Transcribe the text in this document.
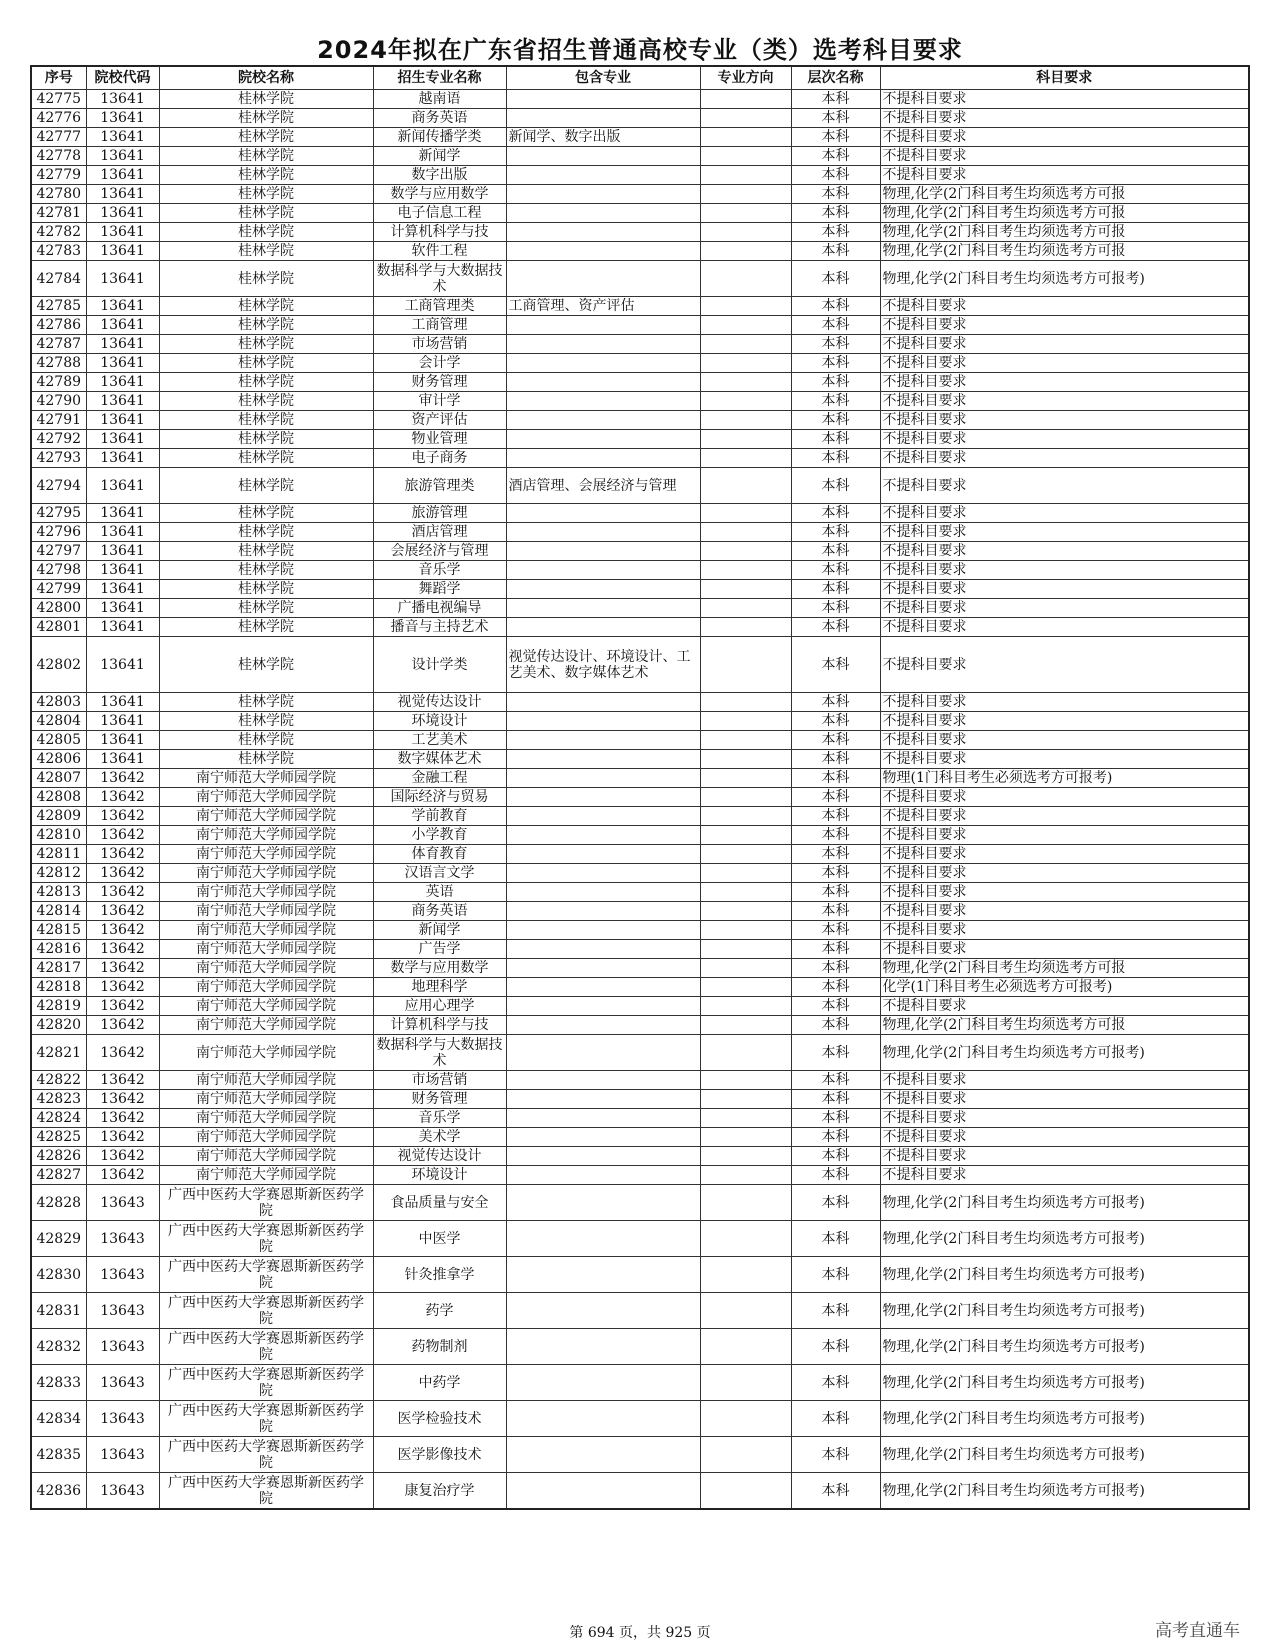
2024年拟在广东省招生普通高校专业（类）选考科目要求
序号	院校代码	院校名称	招生专业名称	包含专业	专业方向	层次名称	科目要求
42775	13641	桂林学院	越南语			本科	不提科目要求
42776	13641	桂林学院	商务英语			本科	不提科目要求
42777	13641	桂林学院	新闻传播学类	新闻学、数字出版		本科	不提科目要求
42778	13641	桂林学院	新闻学			本科	不提科目要求
42779	13641	桂林学院	数字出版			本科	不提科目要求
42780	13641	桂林学院	数学与应用数学			本科	物理,化学(2门科目考生均须选考方可报
42781	13641	桂林学院	电子信息工程			本科	物理,化学(2门科目考生均须选考方可报
42782	13641	桂林学院	计算机科学与技			本科	物理,化学(2门科目考生均须选考方可报
42783	13641	桂林学院	软件工程			本科	物理,化学(2门科目考生均须选考方可报
42784	13641	桂林学院	数据科学与大数据技术			本科	物理,化学(2门科目考生均须选考方可报考)
42785	13641	桂林学院	工商管理类	工商管理、资产评估		本科	不提科目要求
42786	13641	桂林学院	工商管理			本科	不提科目要求
42787	13641	桂林学院	市场营销			本科	不提科目要求
42788	13641	桂林学院	会计学			本科	不提科目要求
42789	13641	桂林学院	财务管理			本科	不提科目要求
42790	13641	桂林学院	审计学			本科	不提科目要求
42791	13641	桂林学院	资产评估			本科	不提科目要求
42792	13641	桂林学院	物业管理			本科	不提科目要求
42793	13641	桂林学院	电子商务			本科	不提科目要求
42794	13641	桂林学院	旅游管理类	酒店管理、会展经济与管理		本科	不提科目要求
42795	13641	桂林学院	旅游管理			本科	不提科目要求
42796	13641	桂林学院	酒店管理			本科	不提科目要求
42797	13641	桂林学院	会展经济与管理			本科	不提科目要求
42798	13641	桂林学院	音乐学			本科	不提科目要求
42799	13641	桂林学院	舞蹈学			本科	不提科目要求
42800	13641	桂林学院	广播电视编导			本科	不提科目要求
42801	13641	桂林学院	播音与主持艺术			本科	不提科目要求
42802	13641	桂林学院	设计学类	视觉传达设计、环境设计、工艺美术、数字媒体艺术		本科	不提科目要求
42803	13641	桂林学院	视觉传达设计			本科	不提科目要求
42804	13641	桂林学院	环境设计			本科	不提科目要求
42805	13641	桂林学院	工艺美术			本科	不提科目要求
42806	13641	桂林学院	数字媒体艺术			本科	不提科目要求
42807	13642	南宁师范大学师园学院	金融工程			本科	物理(1门科目考生必须选考方可报考)
42808	13642	南宁师范大学师园学院	国际经济与贸易			本科	不提科目要求
42809	13642	南宁师范大学师园学院	学前教育			本科	不提科目要求
42810	13642	南宁师范大学师园学院	小学教育			本科	不提科目要求
42811	13642	南宁师范大学师园学院	体育教育			本科	不提科目要求
42812	13642	南宁师范大学师园学院	汉语言文学			本科	不提科目要求
42813	13642	南宁师范大学师园学院	英语			本科	不提科目要求
42814	13642	南宁师范大学师园学院	商务英语			本科	不提科目要求
42815	13642	南宁师范大学师园学院	新闻学			本科	不提科目要求
42816	13642	南宁师范大学师园学院	广告学			本科	不提科目要求
42817	13642	南宁师范大学师园学院	数学与应用数学			本科	物理,化学(2门科目考生均须选考方可报
42818	13642	南宁师范大学师园学院	地理科学			本科	化学(1门科目考生必须选考方可报考)
42819	13642	南宁师范大学师园学院	应用心理学			本科	不提科目要求
42820	13642	南宁师范大学师园学院	计算机科学与技			本科	物理,化学(2门科目考生均须选考方可报
42821	13642	南宁师范大学师园学院	数据科学与大数据技术			本科	物理,化学(2门科目考生均须选考方可报考)
42822	13642	南宁师范大学师园学院	市场营销			本科	不提科目要求
42823	13642	南宁师范大学师园学院	财务管理			本科	不提科目要求
42824	13642	南宁师范大学师园学院	音乐学			本科	不提科目要求
42825	13642	南宁师范大学师园学院	美术学			本科	不提科目要求
42826	13642	南宁师范大学师园学院	视觉传达设计			本科	不提科目要求
42827	13642	南宁师范大学师园学院	环境设计			本科	不提科目要求
42828	13643	广西中医药大学赛恩斯新医药学院	食品质量与安全			本科	物理,化学(2门科目考生均须选考方可报考)
42829	13643	广西中医药大学赛恩斯新医药学院	中医学			本科	物理,化学(2门科目考生均须选考方可报考)
42830	13643	广西中医药大学赛恩斯新医药学院	针灸推拿学			本科	物理,化学(2门科目考生均须选考方可报考)
42831	13643	广西中医药大学赛恩斯新医药学院	药学			本科	物理,化学(2门科目考生均须选考方可报考)
42832	13643	广西中医药大学赛恩斯新医药学院	药物制剂			本科	物理,化学(2门科目考生均须选考方可报考)
42833	13643	广西中医药大学赛恩斯新医药学院	中药学			本科	物理,化学(2门科目考生均须选考方可报考)
42834	13643	广西中医药大学赛恩斯新医药学院	医学检验技术			本科	物理,化学(2门科目考生均须选考方可报考)
42835	13643	广西中医药大学赛恩斯新医药学院	医学影像技术			本科	物理,化学(2门科目考生均须选考方可报考)
42836	13643	广西中医药大学赛恩斯新医药学院	康复治疗学			本科	物理,化学(2门科目考生均须选考方可报考)
第 694 页，共 925 页	高考直通车
